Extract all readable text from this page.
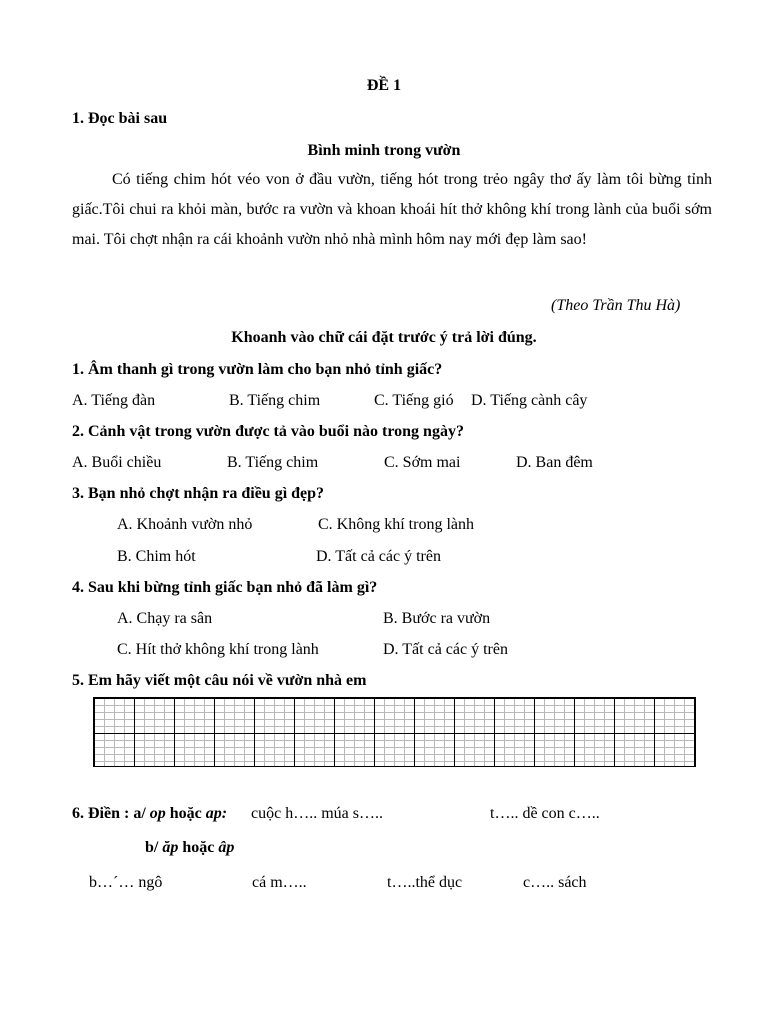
ĐỀ 1
1. Đọc bài sau
Bình minh trong vườn
Có tiếng chim hót véo von ở đầu vườn, tiếng hót trong trẻo ngây thơ ấy làm tôi bừng tỉnh giấc.Tôi chui ra khỏi màn, bước ra vườn và khoan khoái hít thở không khí trong lành của buổi sớm mai. Tôi chợt nhận ra cái khoảnh vườn nhỏ nhà mình hôm nay mới đẹp làm sao!
(Theo Trần Thu Hà)
Khoanh vào chữ cái đặt trước ý trả lời đúng.
1. Âm thanh gì trong vườn làm cho bạn nhỏ tỉnh giấc?
A. Tiếng đàn	B. Tiếng chim	C. Tiếng gió D. Tiếng cành cây
2. Cảnh vật trong vườn được tả vào buổi nào trong ngày?
A. Buổi chiều	B. Tiếng chim	C. Sớm mai	D. Ban đêm
3. Bạn nhỏ chợt nhận ra điều gì đẹp?
A. Khoảnh vườn nhỏ	C. Không khí trong lành
B. Chim hót	D. Tất cả các ý trên
4. Sau khi bừng tỉnh giấc bạn nhỏ đã làm gì?
A. Chạy ra sân	B. Bước ra vườn
C. Hít thở không khí trong lành	D. Tất cả các ý trên
5. Em hãy viết một câu nói về vườn nhà em
6. Điền : a/ op hoặc ap: cuộc h….. múa s…..	t….. dề con c…..
b/ ăp hoặc âp
b…´… ngô	cá m…..	t…..thể dục	c….. sách
